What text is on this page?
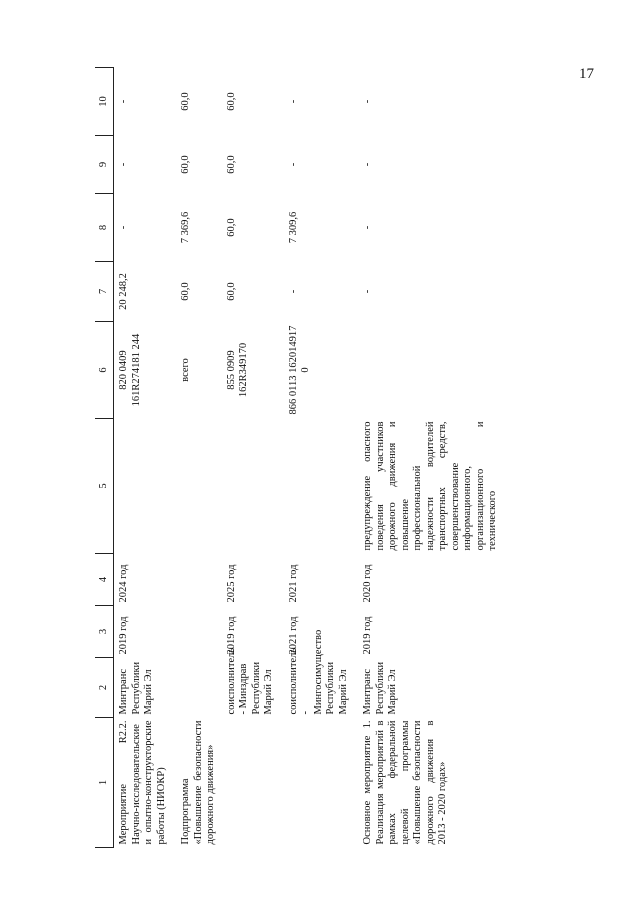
17
1	2	3	4	5	6	7	8	9	10
Мероприятие R2.2. Научно-исследовательские и опытно-конструкторские работы (НИОКР)	Минтранс Республики Марий Эл	2019 год	2024 год		820 0409 161R274181 244	20 248,2	-	-	-
Подпрограмма «Повышение безопасности дорожного движения»					всего	60,0	7 369,6	60,0	60,0
	соисполнитель - Минздрав Республики Марий Эл	2019 год	2025 год		855 0909 162R349170	60,0	60,0	60,0	60,0
	соисполнитель - Мингосимущество Республики Марий Эл	2021 год	2021 год		866 0113 162014917 0	-	7 309,6	-	-
Основное мероприятие 1. Реализация мероприятий в рамках федеральной целевой программы «Повышение безопасности дорожного движения в 2013 - 2020 годах»	Минтранс Республики Марий Эл	2019 год	2020 год	предупреждение опасного поведения участников дорожного движения и повышение профессиональной надежности водителей транспортных средств, совершенствование информационного, организационного и технического		-	-	-	-
